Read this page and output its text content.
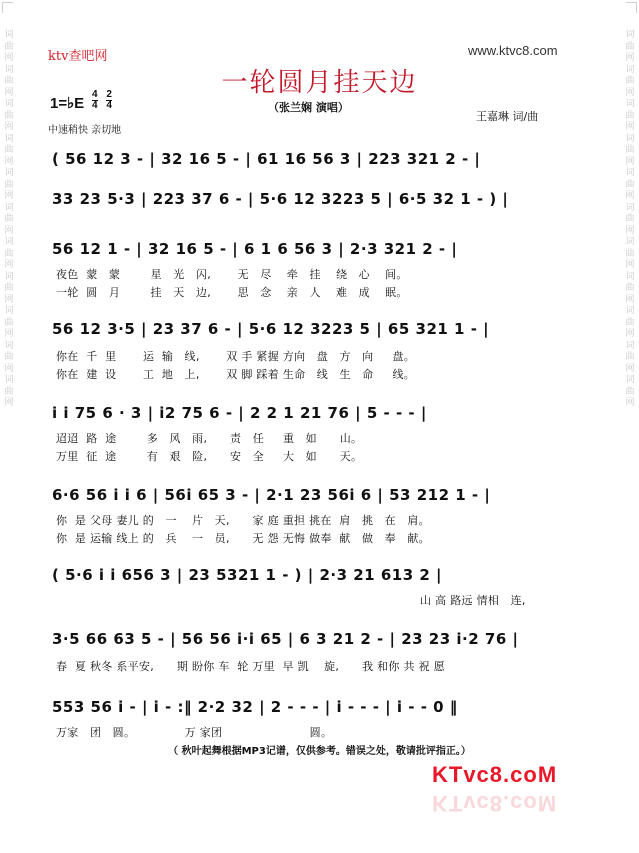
词曲网词曲网词曲网词曲网词曲网词曲网词曲网词曲网词曲网词曲网词曲网
词曲网词曲网词曲网词曲网词曲网词曲网词曲网词曲网词曲网词曲网词曲网
ktv查吧网	www.ktvc8.com
一轮圆月挂天边
1=♭E $\frac{4}{4}$
$\frac{2}{4}$
中速稍快 亲切地
（张兰娴 演唱）
王嘉琳 词/曲
( 56 12 3 - | 32 16 5 - | 61 16 56 3 | 223 321 2 - |
33 23 5·3 | 223 37 6 - | 5·6 12 3223 5 | 6·5 32 1 - ) |
56 12 1 - | 32 16 5 - | 6 1 6 56 3 | 2·3 321 2 - |
夜色  蒙   蒙        星   光   闪,       无   尽    牵   挂    绕   心    间。
一轮  圆   月        挂   天   边,       思   念    亲   人    难   成    眠。
56 12 3·5 | 23 37 6 - | 5·6 12 3223 5 | 65 321 1 - |
你在  千  里       运  输   线,       双 手 紧握 方向   盘   方   向     盘。
你在  建  设       工  地   上,       双 脚 踩着 生命   线   生   命     线。
i i 75 6 · 3 | i2 75 6 - | 2 2 1 21 76 | 5 - - - |
迢迢  路  途        多   风   雨,      责   任     重   如      山。
万里  征  途        有   艰   险,      安   全     大   如      天。
6·6 56 i i 6 | 56i 65 3 - | 2·1 23 56i 6 | 53 212 1 - |
你  是 父母 妻儿 的   一    片   天,      家 庭 重担 挑在  肩   挑   在   肩。
你  是 运输 线上 的   兵    一   员,      无 怨 无悔 做奉  献   做   奉   献。
( 5·6 i i 656 3 | 23 5321 1 - ) | 2·3 21 613 2 |
山 高 路远 情相   连,
3·5 66 63 5 - | 56 56 i·i 65 | 6 3 21 2 - | 23 23 i·2 76 |
春  夏 秋冬 系平安,      期 盼你 车  轮 万里  早 凯    旋,      我 和你 共 祝 愿
553 56 i - | i - :‖ 2·2 32 | 2 - - - | i - - - | i - - 0 ‖
万家   团   圆。             万 家团                       圆。
（ 秋叶起舞根据MP3记谱，仅供参考。错误之处，敬请批评指正。）
KTvc8.coM
KTvc8.coM
